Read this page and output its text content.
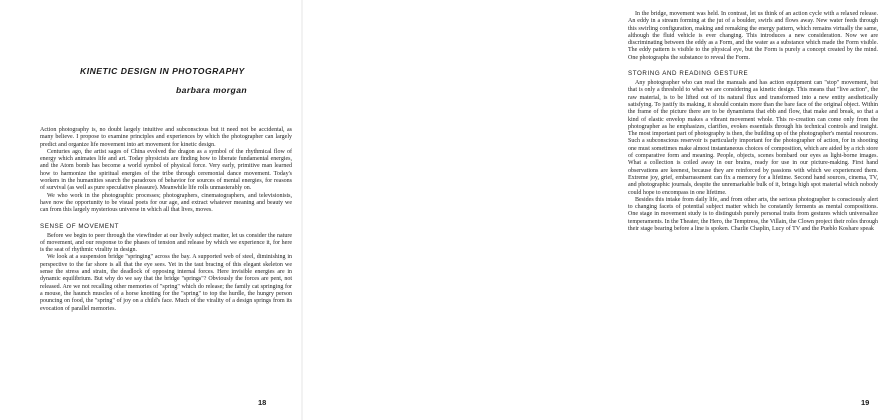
KINETIC DESIGN IN PHOTOGRAPHY
barbara morgan

Action photography is, no doubt largely intuitive and subconscious but it need not be accidental, as many believe. I propose to examine principles and experiences by which the photographer can largely predict and organize life movement into art movement for kinetic design.

Centuries ago, the artist sages of China evolved the dragon as a symbol of the rhythmical flow of energy which animates life and art. Today physicists are finding how to liberate fundamental energies, and the Atom bomb has become a world symbol of physical force. Very early, primitive man learned how to harmonize the spiritual energies of the tribe through ceremonial dance movement. Today's workers in the humanities search the paradoxes of behavior for sources of mental energies, for reasons of survival (as well as pure speculative pleasure). Meanwhile life rolls unmasterably on.

We who work in the photographic processes; photographers, cinematographers, and televisionists, have now the opportunity to be visual poets for our age, and extract whatever meaning and beauty we can from this largely mysterious universe in which all that lives, moves.

SENSE OF MOVEMENT

Before we begin to peer through the viewfinder at our lively subject matter, let us consider the nature of movement, and our response to the phases of tension and release by which we experience it, for here is the seat of rhythmic virality in design.

We look at a suspension bridge "springing" across the bay. A supported web of steel, diminishing in perspective to the far shore is all that the eye sees. Yet in the taut bracing of this elegant skeleton we sense the stress and strain, the deadlock of opposing internal forces. Here invisible energies are in dynamic equilibrium. But why do we say that the bridge "springs"? Obviously the forces are pent, not released. Are we not recalling other memories of "spring" which do release; the family cat springing for a mouse, the haunch muscles of a horse knotting for the "spring" to top the hurdle, the hungry person pouncing on food, the "spring" of joy on a child's face. Much of the virality of a design springs from its evocation of parallel memories.

18

In the bridge, movement was held. In contrast, let us think of an action cycle with a relaxed release. An eddy in a stream forming at the jut of a boulder, swirls and flows away. New water feeds through this swirling configuration, making and remaking the energy pattern, which remains virtually the same, although the fluid vehicle is ever changing. This introduces a new consideration. Now we are discriminating between the eddy as a Form, and the water as a substance which made the Form visible. The eddy pattern is visible to the physical eye, but the Form is purely a concept created by the mind. One photographs the substance to reveal the Form.

STORING AND READING GESTURE

Any photographer who can read the manuals and has action equipment can "stop" movement, but that is only a threshold to what we are considering as kinetic design. This means that "live action", the raw material, is to be lifted out of its natural flux and transformed into a new entity aesthetically satisfying. To justify its making, it should contain more than the bare face of the original object. Within the frame of the picture there are to be dynamisms that ebb and flow, that make and break, so that a kind of elastic envelop makes a vibrant movement whole. This re-creation can come only from the photographer as he emphasizes, clarifies, evokes essentials through his technical controls and insight. The most important part of photography is then, the building up of the photographer's mental resources. Such a subconscious reservoir is particularly important for the photographer of action, for in shooting one must sometimes make almost instantaneous choices of composition, which are aided by a rich store of comparative form and meaning. People, objects, scenes bombard our eyes as light-borne images. What a collection is coiled away in our brains, ready for use in our picture-making. First hand observations are keenest, because they are reinforced by passions with which we experienced them. Extreme joy, grief, embarrassment can fix a memory for a lifetime. Second hand sources, cinema, TV, and photographic journals, despite the unremarkable bulk of it, brings high spot material which nobody could hope to encompass in one lifetime.

Besides this intake from daily life, and from other arts, the serious photographer is consciously alert to changing facets of potential subject matter which he constantly ferments as mental compositions. One stage in movement study is to distinguish purely personal traits from gestures which universalize temperaments. In the Theater, the Hero, the Temptress, the Villain, the Clown project their roles through their stage bearing before a line is spoken. Charlie Chaplin, Lucy of TV and the Pueblo Koshare speak

19
